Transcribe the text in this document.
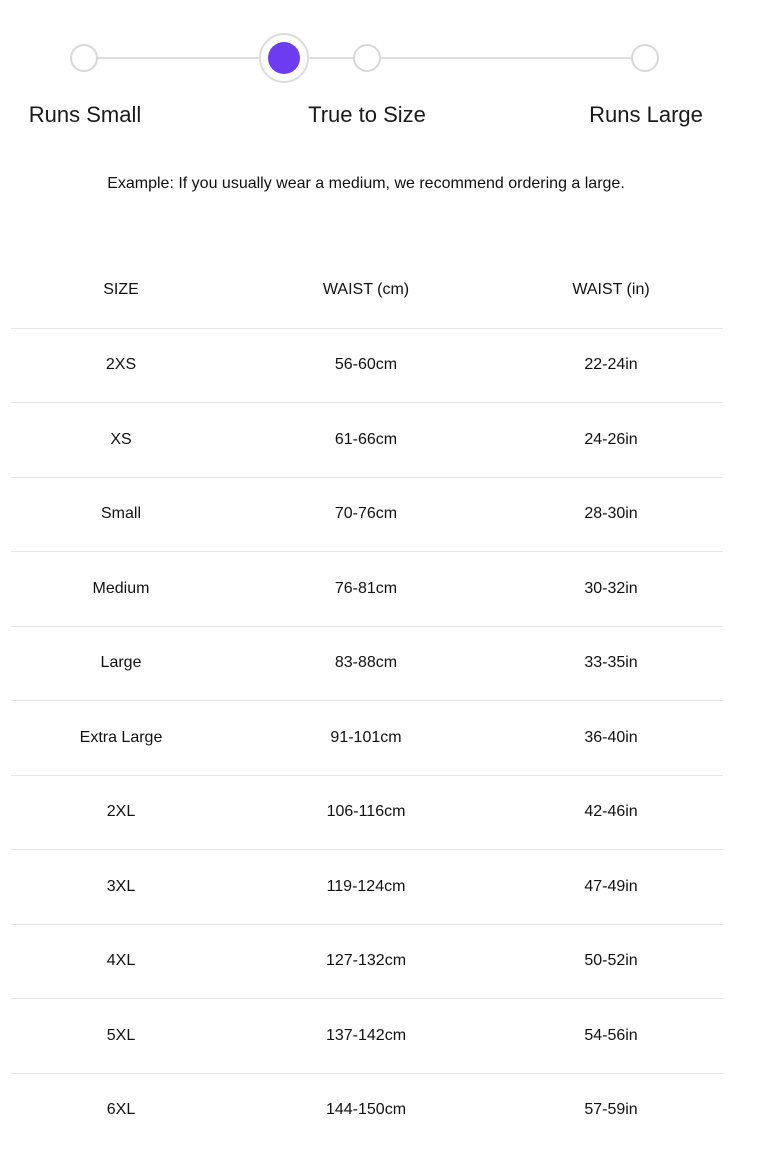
Runs Small	True to Size	Runs Large
Example: If you usually wear a medium, we recommend ordering a large.
SIZE	WAIST (cm)	WAIST (in)
2XS	56-60cm	22-24in
XS	61-66cm	24-26in
Small	70-76cm	28-30in
Medium	76-81cm	30-32in
Large	83-88cm	33-35in
Extra Large	91-101cm	36-40in
2XL	106-116cm	42-46in
3XL	119-124cm	47-49in
4XL	127-132cm	50-52in
5XL	137-142cm	54-56in
6XL	144-150cm	57-59in
